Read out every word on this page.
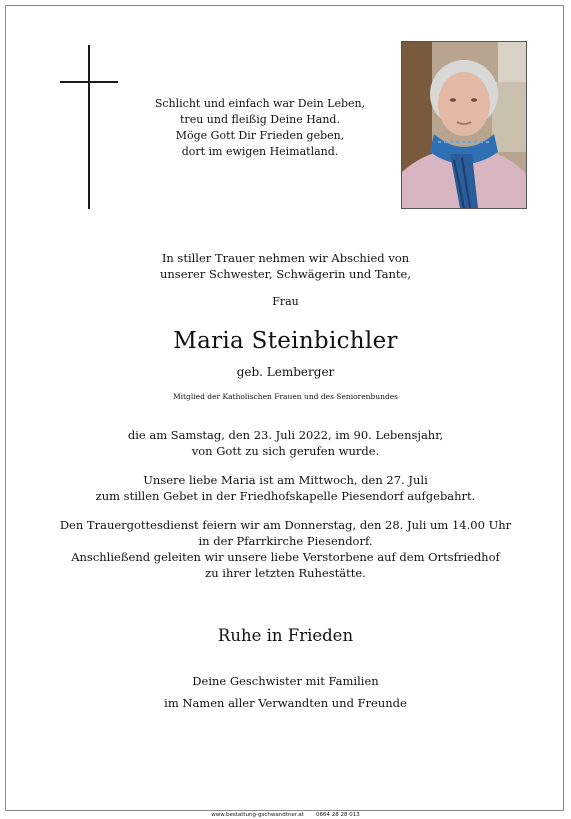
Schlicht und einfach war Dein Leben,
treu und fleißig Deine Hand.
Möge Gott Dir Frieden geben,
dort im ewigen Heimatland.
In stiller Trauer nehmen wir Abschied von
unserer Schwester, Schwägerin und Tante,
Frau
Maria Steinbichler
geb. Lemberger
Mitglied der Katholischen Frauen und des Seniorenbundes
die am Samstag, den 23. Juli 2022, im 90. Lebensjahr,
von Gott zu sich gerufen wurde.
Unsere liebe Maria ist am Mittwoch, den 27. Juli
zum stillen Gebet in der Friedhofskapelle Piesendorf aufgebahrt.
Den Trauergottesdienst feiern wir am Donnerstag, den 28. Juli um 14.00 Uhr
in der Pfarrkirche Piesendorf.
Anschließend geleiten wir unsere liebe Verstorbene auf dem Ortsfriedhof
zu ihrer letzten Ruhestätte.
Ruhe in Frieden
Deine Geschwister mit Familien
im Namen aller Verwandten und Freunde
www.bestattung-gschwandtner.at       0664 28 28 013
